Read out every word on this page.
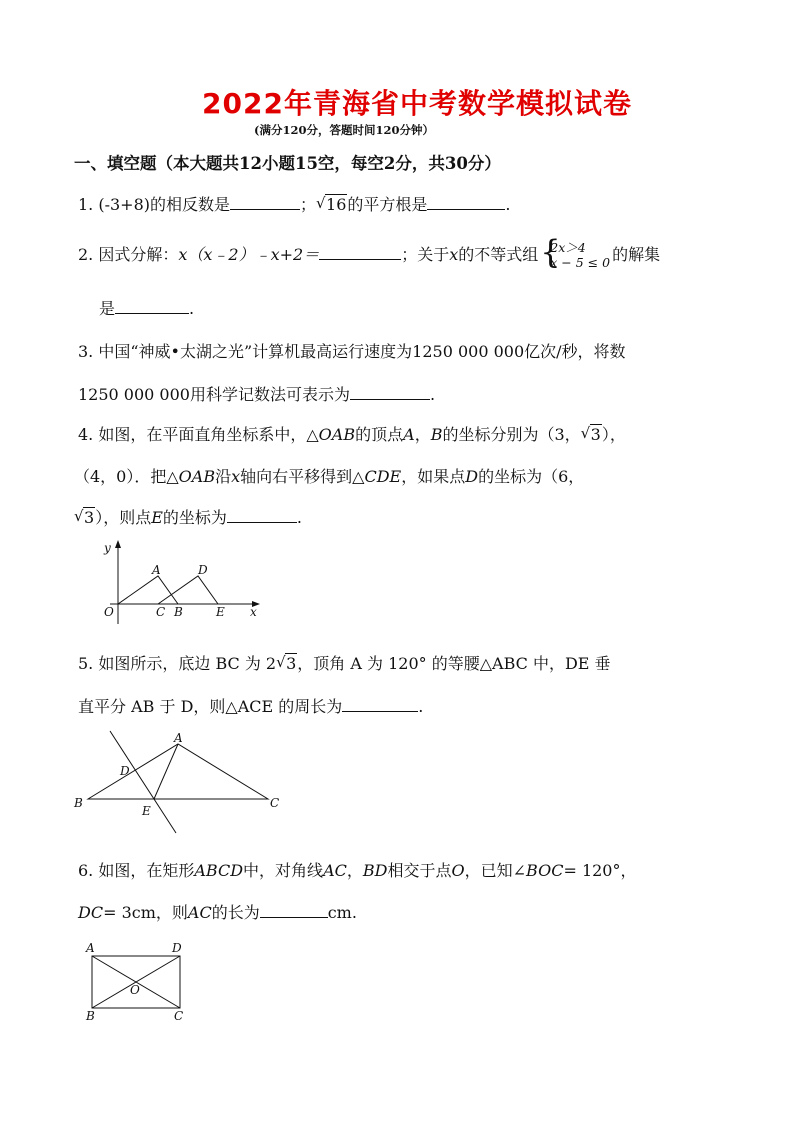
2022年青海省中考数学模拟试卷
(满分120分，答题时间120分钟）
一、填空题（本大题共12小题15空，每空2分，共30分）
1. (-3+8)的相反数是	； √ 16的平方根是	.
2. 因式分解：x（x﹣2）﹣x+2＝	；关于x的不等式组 {
2x＞4
x − 5 ≤ 0 的解集
是	.
3. 中国“神威•太湖之光”计算机最高运行速度为1250 000 000亿次/秒，将数
1250 000 000用科学记数法可表示为	.
4. 如图，在平面直角坐标系中，△OAB的顶点A，B的坐标分别为（3， √ 3），
（4，0）．把△OAB沿x轴向右平移得到△CDE，如果点D的坐标为（6，
√ 3），则点E的坐标为	.
y
A	D
O	C B	E x
5. 如图所示，底边 BC 为 2 √ 3，顶角 A 为 120° 的等腰△ABC 中，DE 垂
直平分 AB 于 D，则△ACE 的周长为	.
A
D
B
E
C
6. 如图，在矩形ABCD中，对角线AC，BD相交于点O，已知∠BOC= 120°，
DC= 3cm，则AC的长为	cm.
A	D
O
B	C
